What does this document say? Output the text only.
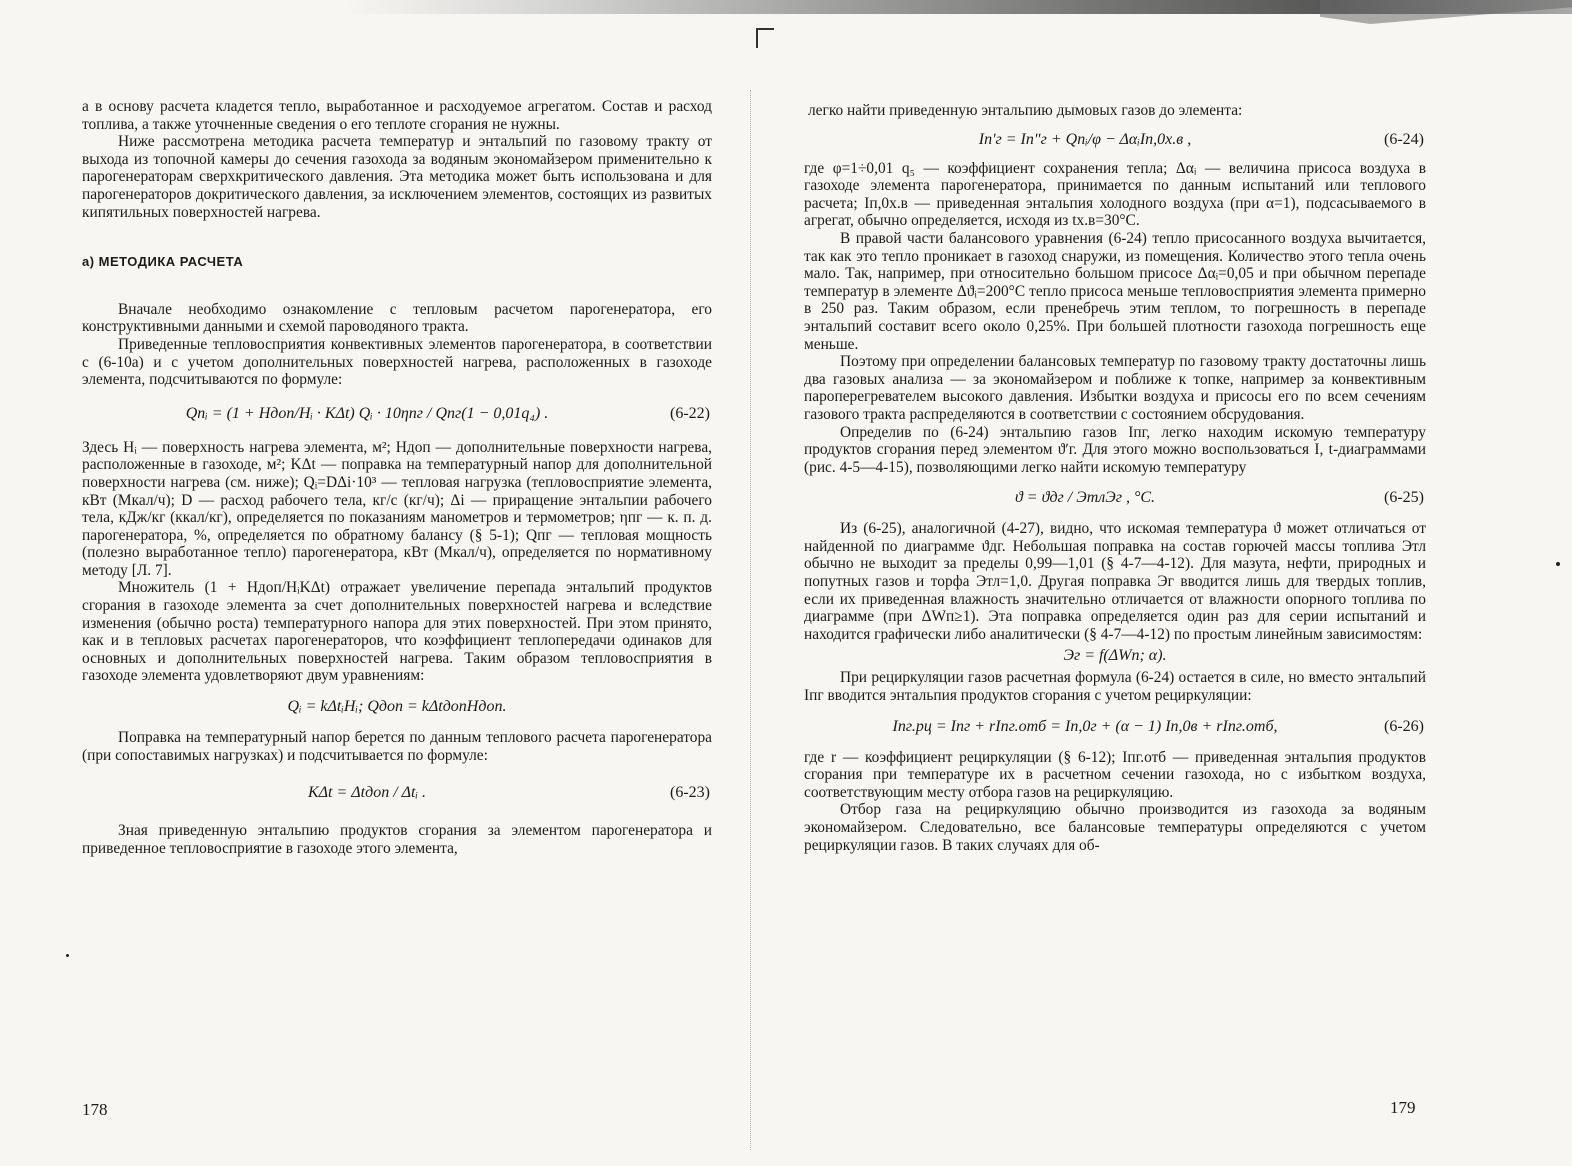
а в основу расчета кладется тепло, выработанное и расходуемое агрегатом. Состав и расход топлива, а также уточненные сведения о его теплоте сгорания не нужны.

Ниже рассмотрена методика расчета температур и энтальпий по газовому тракту от выхода из топочной камеры до сечения газохода за водяным экономайзером применительно к парогенераторам сверхкритического давления. Эта методика может быть использована и для парогенераторов докритического давления, за исключением элементов, состоящих из развитых кипятильных поверхностей нагрева.

а) МЕТОДИКА РАСЧЕТА

Вначале необходимо ознакомление с тепловым расчетом парогенератора, его конструктивными данными и схемой пароводяного тракта.

Приведенные тепловосприятия конвективных элементов парогенератора, в соответствии с (6-10а) и с учетом дополнительных поверхностей нагрева, расположенных в газоходе элемента, подсчитываются по формуле:

Qпᵢ = (1 + Hдоп/Hᵢ · KΔt) Qᵢ · 10ηпг / Qпг(1 − 0,01q₄) .	(6-22)

Здесь Hᵢ — поверхность нагрева элемента, м²; Hдоп — дополнительные поверхности нагрева, расположенные в газоходе, м²; KΔt — поправка на температурный напор для дополнительной поверхности нагрева (см. ниже); Qᵢ=DΔi·10³ — тепловая нагрузка (тепловосприятие элемента, кВт (Мкал/ч); D — расход рабочего тела, кг/с (кг/ч); Δi — приращение энтальпии рабочего тела, кДж/кг (ккал/кг), определяется по показаниям манометров и термометров; ηпг — к. п. д. парогенератора, %, определяется по обратному балансу (§ 5-1); Qпг — тепловая мощность (полезно выработанное тепло) парогенератора, кВт (Мкал/ч), определяется по нормативному методу [Л. 7].

Множитель (1 + Hдоп/HᵢKΔt) отражает увеличение перепада энтальпий продуктов сгорания в газоходе элемента за счет дополнительных поверхностей нагрева и вследствие изменения (обычно роста) температурного напора для этих поверхностей. При этом принято, как и в тепловых расчетах парогенераторов, что коэффициент теплопередачи одинаков для основных и дополнительных поверхностей нагрева. Таким образом тепловосприятия в газоходе элемента удовлетворяют двум уравнениям:

Qᵢ = kΔtᵢHᵢ; Qдоп = kΔtдопHдоп.

Поправка на температурный напор берется по данным теплового расчета парогенератора (при сопоставимых нагрузках) и подсчитывается по формуле:

KΔt = Δtдоп / Δtᵢ .	(6-23)

Зная приведенную энтальпию продуктов сгорания за элементом парогенератора и приведенное тепловосприятие в газоходе этого элемента,

178

легко найти приведенную энтальпию дымовых газов до элемента:

Iпʹг = Iпʺг + Qпᵢ/φ − ΔαᵢIп,0х.в ,	(6-24)

где φ=1÷0,01 q₅ — коэффициент сохранения тепла; Δαᵢ — величина присоса воздуха в газоходе элемента парогенератора, принимается по данным испытаний или теплового расчета; Iп,0х.в — приведенная энтальпия холодного воздуха (при α=1), подсасываемого в агрегат, обычно определяется, исходя из tх.в=30°С.

В правой части балансового уравнения (6-24) тепло присосанного воздуха вычитается, так как это тепло проникает в газоход снаружи, из помещения. Количество этого тепла очень мало. Так, например, при относительно большом присосе Δαᵢ=0,05 и при обычном перепаде температур в элементе Δϑᵢ=200°С тепло присоса меньше тепловосприятия элемента примерно в 250 раз. Таким образом, если пренебречь этим теплом, то погрешность в перепаде энтальпий составит всего около 0,25%. При большей плотности газохода погрешность еще меньше.

Поэтому при определении балансовых температур по газовому тракту достаточны лишь два газовых анализа — за экономайзером и поближе к топке, например за конвективным пароперегревателем высокого давления. Избытки воздуха и присосы его по всем сечениям газового тракта распределяются в соответствии с состоянием обсрудования.

Определив по (6-24) энтальпию газов Iпг, легко находим искомую температуру продуктов сгорания перед элементом ϑʹг. Для этого можно воспользоваться I, t-диаграммами (рис. 4-5—4-15), позволяющими легко найти искомую температуру

ϑ = ϑдг / ЭтлЭг , °С.	(6-25)

Из (6-25), аналогичной (4-27), видно, что искомая температура ϑ может отличаться от найденной по диаграмме ϑдг. Небольшая поправка на состав горючей массы топлива Этл обычно не выходит за пределы 0,99—1,01 (§ 4-7—4-12). Для мазута, нефти, природных и попутных газов и торфа Этл=1,0. Другая поправка Эг вводится лишь для твердых топлив, если их приведенная влажность значительно отличается от влажности опорного топлива по диаграмме (при ΔWп≥1). Эта поправка определяется один раз для серии испытаний и находится графически либо аналитически (§ 4-7—4-12) по простым линейным зависимостям:

Эг = f(ΔWп; α).

При рециркуляции газов расчетная формула (6-24) остается в силе, но вместо энтальпий Iпг вводится энтальпия продуктов сгорания с учетом рециркуляции:

Iпг.рц = Iпг + rIпг.отб = Iп,0г + (α − 1) Iп,0в + rIпг.отб,	(6-26)

где r — коэффициент рециркуляции (§ 6-12); Iпг.отб — приведенная энтальпия продуктов сгорания при температуре их в расчетном сечении газохода, но с избытком воздуха, соответствующим месту отбора газов на рециркуляцию.

Отбор газа на рециркуляцию обычно производится из газохода за водяным экономайзером. Следовательно, все балансовые температуры определяются с учетом рециркуляции газов. В таких случаях для об-

179
